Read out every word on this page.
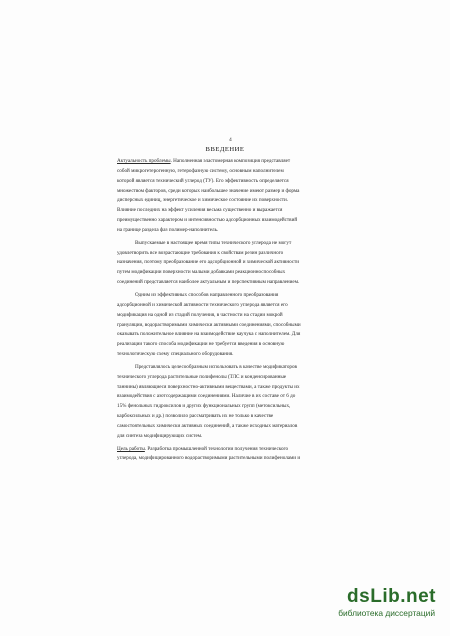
4
ВВЕДЕНИЕ
Актуальность проблемы. Наполненная эластомерная композиция представляет
собой микрогетерогенную, гетерофазную систему, основным наполнителем
которой является технический углерод (ТУ). Его эффективность определяется
множеством факторов, среди которых наибольшее значение имеют размер и форма
дисперсных единиц, энергетическое и химическое состояние их поверхности.
Влияние последних на эффект усиления весьма существенно и выражается
преимущественно характером и интенсивностью адсорбционных взаимодействий
на границе раздела фаз полимер-наполнитель.
Выпускаемые в настоящее время типы технического углерода не могут
удовлетворить все возрастающие требования к свойствам резин различного
назначения, поэтому преобразование его адсорбционной и химической активности
путем модификации поверхности малыми добавками реакционноспособных
соединений представляется наиболее актуальным и перспективным направлением.
Одним из эффективных способов направленного преобразования
адсорбционной и химической активности технического углерода является его
модификация на одной из стадий получения, в частности на стадии мокрой
грануляции, водорастворимыми химически активными соединениями, способными
оказывать положительное влияние на взаимодействие каучука с наполнителем. Для
реализации такого способа модификации не требуется введения в основную
технологическую схему специального оборудования.
Представлялось целесообразным использовать в качестве модификаторов
технического углерода растительные полифенолы (ТЛС и конденсированные
таннины) являющиеся поверхностно-активными веществами, а также продукты их
взаимодействия с азотсодержащими соединениями. Наличие в их составе от 6 до
15% фенольных гидроксилов и других функциональных групп (метоксильных,
карбоксильных и др.) позволило рассматривать их не только в качестве
самостоятельных химически активных соединений, а также исходных материалов
для синтеза модифицирующих систем.
Цель работы. Разработка промышленной технологии получения технического
углерода, модифицированного водорастворимыми растительными полифенолами и
dsLib.net
библиотека диссертаций
